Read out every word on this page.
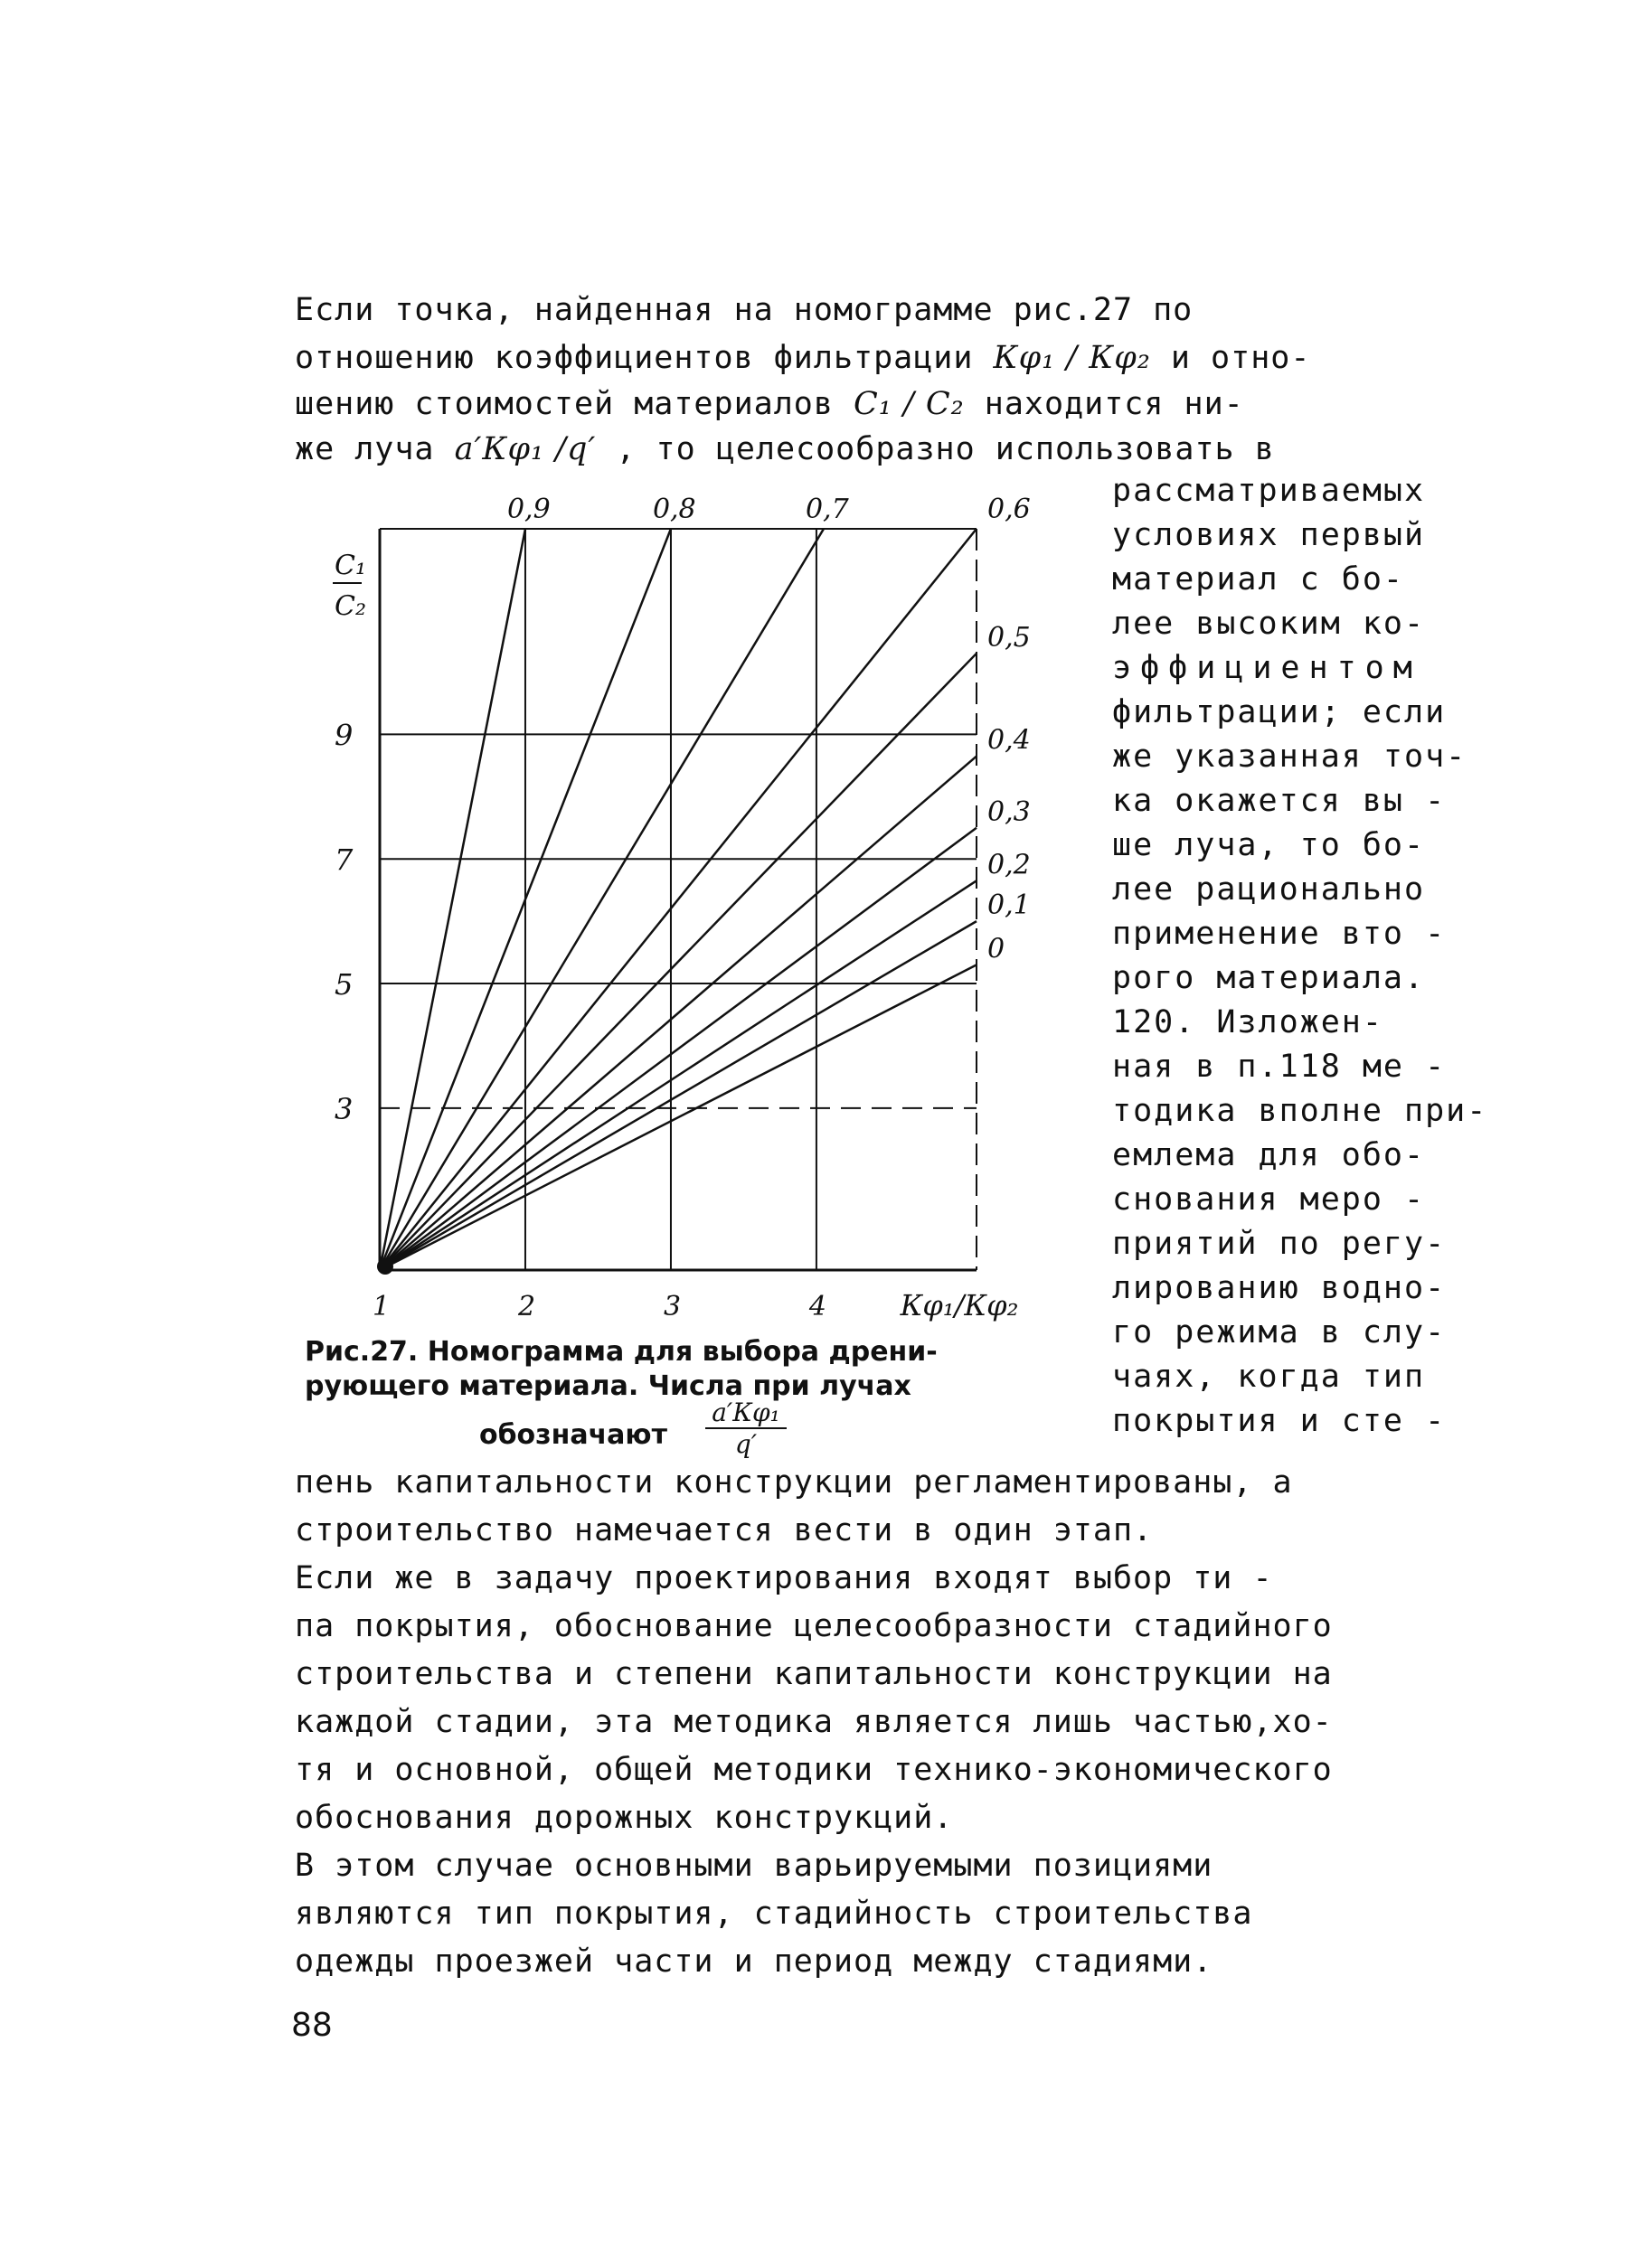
Если точка, найденная на номограмме рис.27 по
отношению коэффициентов фильтрации Кφ₁ / Кφ₂ и отно-
шению стоимостей материалов С₁ / С₂ находится ни-
же луча a′Кφ₁ /q′ , то целесообразно использовать в
рассматриваемых
условиях первый
материал с бо-
лее высоким ко-
эффициентом
фильтрации; если
же указанная точ-
ка окажется вы -
ше луча, то бо-
лее рационально
применение вто -
рого материала.
120. Изложен-
ная в п.118 ме -
тодика вполне при-
емлема для обо-
снования меро -
приятий по регу-
лированию водно-
го режима в слу-
чаях, когда тип
покрытия и сте -
1	2	3	4
3
5
7
9
0,9	0,8	0,7	0,6
0,5
0,4
0,3
0,2
0,1
0
С₁
С₂
Кφ₁/Кφ₂
Рис.27. Номограмма для выбора дрени-
рующего материала. Числа при лучах
обозначают
a′Кφ₁
q′
пень капитальности конструкции регламентированы, а
строительство намечается вести в один этап.
Если же в задачу проектирования входят выбор ти -
па покрытия, обоснование целесообразности стадийного
строительства и степени капитальности конструкции на
каждой стадии, эта методика является лишь частью,хо-
тя и основной, общей методики технико-экономического
обоснования дорожных конструкций.
В этом случае основными варьируемыми позициями
являются тип покрытия, стадийность строительства
одежды проезжей части и период между стадиями.
88
